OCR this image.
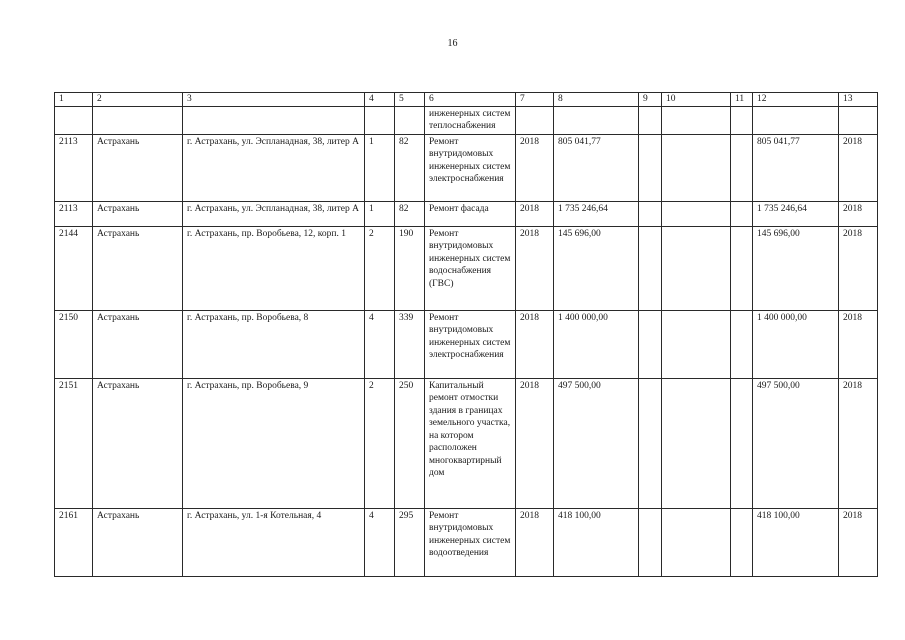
16
1	2	3	4	5	6	7	8	9	10	11	12	13
					инженерных систем теплоснабжения							
2113	Астрахань	г. Астрахань, ул. Эспланадная, 38, литер А	1	82	Ремонт внутридомовых инженерных систем электроснабжения	2018	805 041,77				805 041,77	2018
2113	Астрахань	г. Астрахань, ул. Эспланадная, 38, литер А	1	82	Ремонт фасада	2018	1 735 246,64				1 735 246,64	2018
2144	Астрахань	г. Астрахань, пр. Воробьева, 12, корп. 1	2	190	Ремонт внутридомовых инженерных систем водоснабжения (ГВС)	2018	145 696,00				145 696,00	2018
2150	Астрахань	г. Астрахань, пр. Воробьева, 8	4	339	Ремонт внутридомовых инженерных систем электроснабжения	2018	1 400 000,00				1 400 000,00	2018
2151	Астрахань	г. Астрахань, пр. Воробьева, 9	2	250	Капитальный ремонт отмостки здания в границах земельного участка, на котором расположен многоквартирный дом	2018	497 500,00				497 500,00	2018
2161	Астрахань	г. Астрахань, ул. 1-я Котельная, 4	4	295	Ремонт внутридомовых инженерных систем водоотведения	2018	418 100,00				418 100,00	2018
